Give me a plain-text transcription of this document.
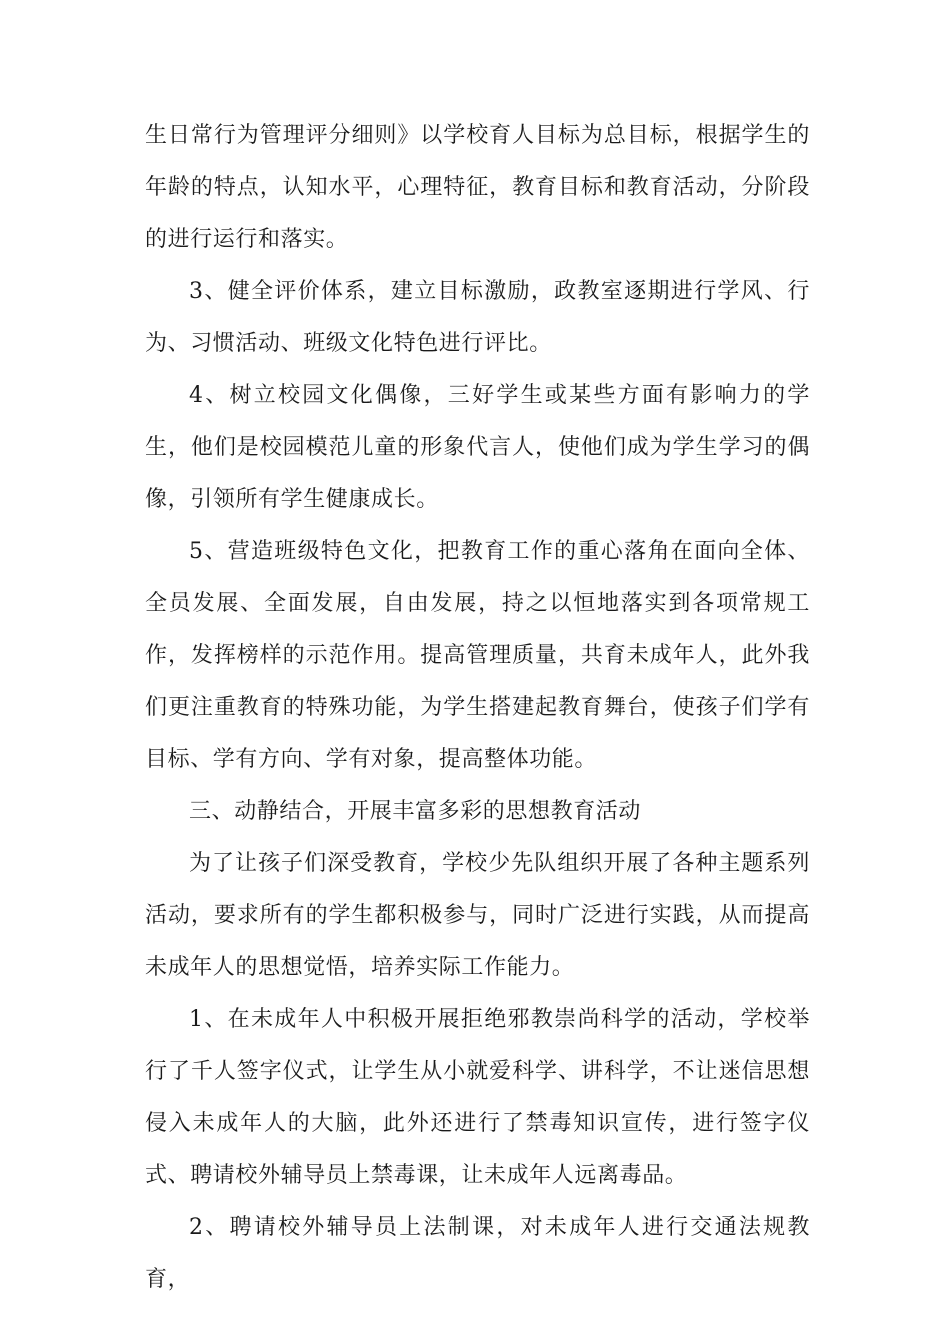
生日常行为管理评分细则》以学校育人目标为总目标，根据学生的年龄的特点，认知水平，心理特征，教育目标和教育活动，分阶段的进行运行和落实。

3、健全评价体系，建立目标激励，政教室逐期进行学风、行为、习惯活动、班级文化特色进行评比。

4、树立校园文化偶像，三好学生或某些方面有影响力的学生，他们是校园模范儿童的形象代言人，使他们成为学生学习的偶像，引领所有学生健康成长。

5、营造班级特色文化，把教育工作的重心落角在面向全体、全员发展、全面发展，自由发展，持之以恒地落实到各项常规工作，发挥榜样的示范作用。提高管理质量，共育未成年人，此外我们更注重教育的特殊功能，为学生搭建起教育舞台，使孩子们学有目标、学有方向、学有对象，提高整体功能。

三、动静结合，开展丰富多彩的思想教育活动

为了让孩子们深受教育，学校少先队组织开展了各种主题系列活动，要求所有的学生都积极参与，同时广泛进行实践，从而提高未成年人的思想觉悟，培养实际工作能力。

1、在未成年人中积极开展拒绝邪教崇尚科学的活动，学校举行了千人签字仪式，让学生从小就爱科学、讲科学，不让迷信思想侵入未成年人的大脑，此外还进行了禁毒知识宣传，进行签字仪式、聘请校外辅导员上禁毒课，让未成年人远离毒品。

2、聘请校外辅导员上法制课，对未成年人进行交通法规教育，
